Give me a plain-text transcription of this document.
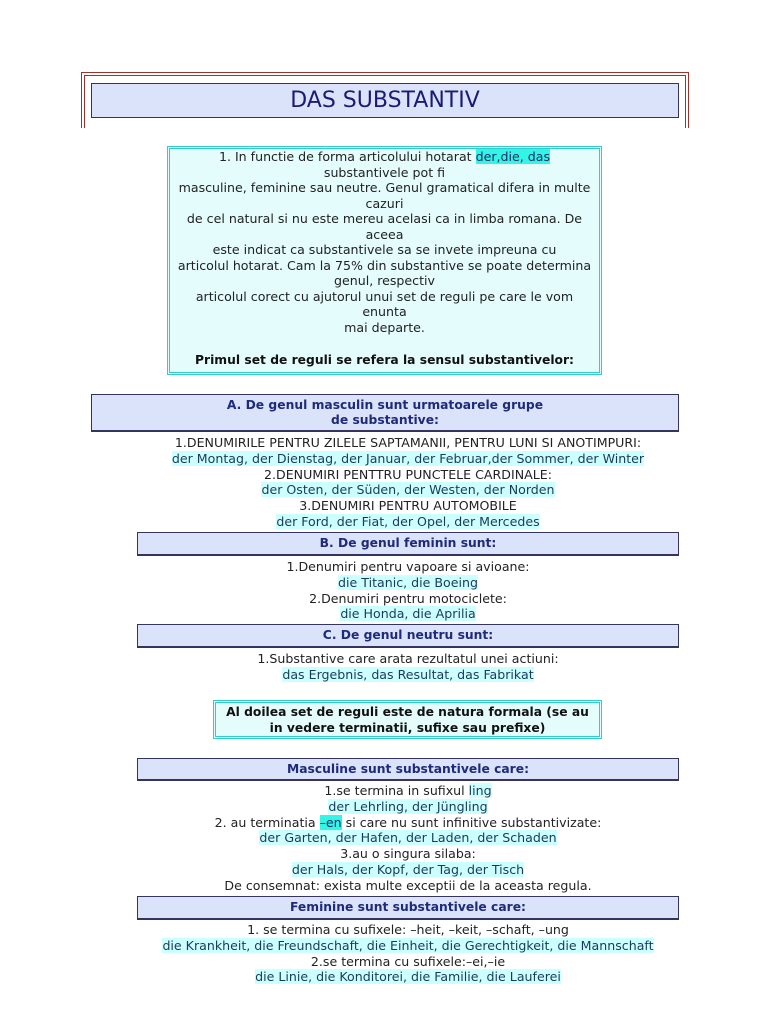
DAS SUBSTANTIV
1. In functie de forma articolului hotarat der,die, das
substantivele pot fi
masculine, feminine sau neutre. Genul gramatical difera in multe
cazuri
de cel natural si nu este mereu acelasi ca in limba romana. De
aceea
este indicat ca substantivele sa se invete impreuna cu
articolul hotarat. Cam la 75% din substantive se poate determina
genul, respectiv
articolul corect cu ajutorul unui set de reguli pe care le vom
enunta
mai departe.
Primul set de reguli se refera la sensul substantivelor:
A. De genul masculin sunt urmatoarele grupe
de substantive:
1.DENUMIRILE PENTRU ZILELE SAPTAMANII, PENTRU LUNI SI ANOTIMPURI:
der Montag, der Dienstag, der Januar, der Februar,der Sommer, der Winter
2.DENUMIRI PENTTRU PUNCTELE CARDINALE:
der Osten, der Süden, der Westen, der Norden
3.DENUMIRI PENTRU AUTOMOBILE
der Ford, der Fiat, der Opel, der Mercedes
B. De genul feminin sunt:
1.Denumiri pentru vapoare si avioane:
die Titanic, die Boeing
2.Denumiri pentru motociclete:
die Honda, die Aprilia
C. De genul neutru sunt:
1.Substantive care arata rezultatul unei actiuni:
das Ergebnis, das Resultat, das Fabrikat
Al doilea set de reguli este de natura formala (se au
in vedere terminatii, sufixe sau prefixe)
Masculine sunt substantivele care:
1.se termina in sufixul ling
der Lehrling, der Jüngling
2. au terminatia –en si care nu sunt infinitive substantivizate:
der Garten, der Hafen, der Laden, der Schaden
3.au o singura silaba:
der Hals, der Kopf, der Tag, der Tisch
De consemnat: exista multe exceptii de la aceasta regula.
Feminine sunt substantivele care:
1. se termina cu sufixele: –heit, –keit, –schaft, –ung
die Krankheit, die Freundschaft, die Einheit, die Gerechtigkeit, die Mannschaft
2.se termina cu sufixele:–ei,–ie
die Linie, die Konditorei, die Familie, die Lauferei
